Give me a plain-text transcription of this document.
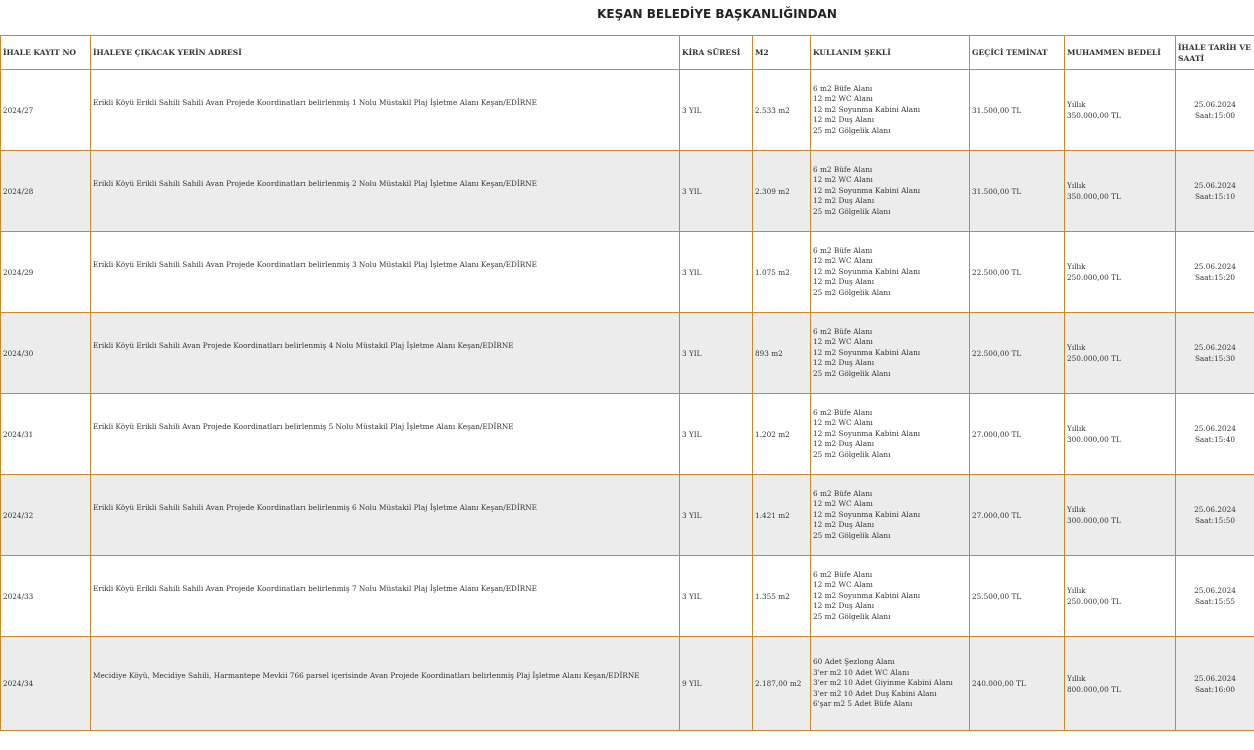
KEŞAN BELEDİYE BAŞKANLIĞINDAN
İHALE KAYIT NO	İHALEYE ÇIKACAK YERİN ADRESİ	KİRA SÜRESİ	M2	KULLANIM ŞEKLİ	GEÇİCİ TEMİNAT	MUHAMMEN BEDELİ	İHALE TARİH VE SAATİ
2024/27	Erikli Köyü Erikli Sahili Sahili Avan Projede Koordinatları belirlenmiş 1 Nolu Müstakil Plaj İşletme Alanı Keşan/EDİRNE	3 YIL	2.533 m2	6 m2 Büfe Alanı
12 m2 WC Alanı
12 m2 Soyunma Kabini Alanı
12 m2 Duş Alanı
25 m2 Gölgelik Alanı	31.500,00 TL	Yıllık
350.000,00 TL	25.06.2024
Saat:15:00

2024/28	Erikli Köyü Erikli Sahili Sahili Avan Projede Koordinatları belirlenmiş 2 Nolu Müstakil Plaj İşletme Alanı Keşan/EDİRNE	3 YIL	2.309 m2	6 m2 Büfe Alanı
12 m2 WC Alanı
12 m2 Soyunma Kabini Alanı
12 m2 Duş Alanı
25 m2 Gölgelik Alanı	31.500,00 TL	Yıllık
350.000,00 TL	25.06.2024
Saat:15:10

2024/29	Erikli Köyü Erikli Sahili Sahili Avan Projede Koordinatları belirlenmiş 3 Nolu Müstakil Plaj İşletme Alanı Keşan/EDİRNE	3 YIL	1.075 m2	6 m2 Büfe Alanı
12 m2 WC Alanı
12 m2 Soyunma Kabini Alanı
12 m2 Duş Alanı
25 m2 Gölgelik Alanı	22.500,00 TL	Yıllık
250.000,00 TL	25.06.2024
Saat:15:20

2024/30	Erikli Köyü Erikli Sahili Avan Projede Koordinatları belirlenmiş 4 Nolu Müstakil Plaj İşletme Alanı Keşan/EDİRNE	3 YIL	893 m2	6 m2 Büfe Alanı
12 m2 WC Alanı
12 m2 Soyunma Kabini Alanı
12 m2 Duş Alanı
25 m2 Gölgelik Alanı	22.500,00 TL	Yıllık
250.000,00 TL	25.06.2024
Saat:15:30

2024/31	Erikli Köyü Erikli Sahili Avan Projede Koordinatları belirlenmiş 5 Nolu Müstakil Plaj İşletme Alanı Keşan/EDİRNE	3 YIL	1.202 m2	6 m2 Büfe Alanı
12 m2 WC Alanı
12 m2 Soyunma Kabini Alanı
12 m2 Duş Alanı
25 m2 Gölgelik Alanı	27.000,00 TL	Yıllık
300.000,00 TL	25.06.2024
Saat:15:40

2024/32	Erikli Köyü Erikli Sahili Sahili Avan Projede Koordinatları belirlenmiş 6 Nolu Müstakil Plaj İşletme Alanı Keşan/EDİRNE	3 YIL	1.421 m2	6 m2 Büfe Alanı
12 m2 WC Alanı
12 m2 Soyunma Kabini Alanı
12 m2 Duş Alanı
25 m2 Gölgelik Alanı	27.000,00 TL	Yıllık
300.000,00 TL	25.06.2024
Saat:15:50

2024/33	Erikli Köyü Erikli Sahili Sahili Avan Projede Koordinatları belirlenmiş 7 Nolu Müstakil Plaj İşletme Alanı Keşan/EDİRNE	3 YIL	1.355 m2	6 m2 Büfe Alanı
12 m2 WC Alanı
12 m2 Soyunma Kabini Alanı
12 m2 Duş Alanı
25 m2 Gölgelik Alanı	25.500,00 TL	Yıllık
250.000,00 TL	25.06.2024
Saat:15:55

2024/34	Mecidiye Köyü, Mecidiye Sahili, Harmantepe Mevkii 766 parsel içerisinde Avan Projede Koordinatları belirlenmiş Plaj İşletme Alanı Keşan/EDİRNE	9 YIL	2.187,00 m2	60 Adet Şezlong Alanı
3'er m2 10 Adet WC Alanı
3'er m2 10 Adet Giyinme Kabini Alanı
3'er m2 10 Adet Duş Kabini Alanı
6'şar m2 5 Adet Büfe Alanı	240.000,00 TL	Yıllık
800.000,00 TL	25.06.2024
Saat:16:00
